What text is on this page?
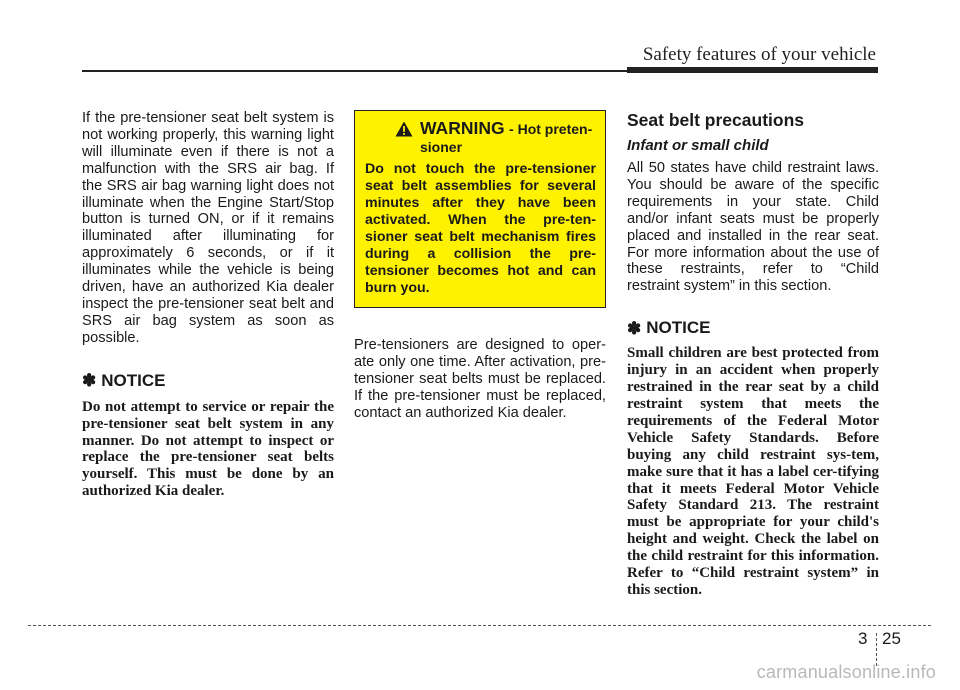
Safety features of your vehicle

If the pre-tensioner seat belt system is not working properly, this warning light will illuminate even if there is not a malfunction with the SRS air bag. If the SRS air bag warning light does not illuminate when the Engine Start/Stop button is turned ON, or if it remains illuminated after illuminating for approximately 6 seconds, or if it illuminates while the vehicle is being driven, have an authorized Kia dealer inspect the pre-tensioner seat belt and SRS air bag system as soon as possible.

✽ NOTICE

Do not attempt to service or repair the pre-tensioner seat belt system in any manner. Do not attempt to inspect or replace the pre-tensioner seat belts yourself. This must be done by an authorized Kia dealer.

WARNING - Hot preten-sioner

Do not touch the pre-tensioner seat belt assemblies for several minutes after they have been activated. When the pre-ten-sioner seat belt mechanism fires during a collision the pre-tensioner becomes hot and can burn you.

Pre-tensioners are designed to oper-ate only one time. After activation, pre-tensioner seat belts must be replaced. If the pre-tensioner must be replaced, contact an authorized Kia dealer.

Seat belt precautions
Infant or small child

All 50 states have child restraint laws. You should be aware of the specific requirements in your state. Child and/or infant seats must be properly placed and installed in the rear seat. For more information about the use of these restraints, refer to “Child restraint system” in this section.

✽ NOTICE

Small children are best protected from injury in an accident when properly restrained in the rear seat by a child restraint system that meets the requirements of the Federal Motor Vehicle Safety Standards. Before buying any child restraint sys-tem, make sure that it has a label cer-tifying that it meets Federal Motor Vehicle Safety Standard 213. The restraint must be appropriate for your child's height and weight. Check the label on the child restraint for this information. Refer to “Child restraint system” in this section.

3 25
carmanualsonline.info
